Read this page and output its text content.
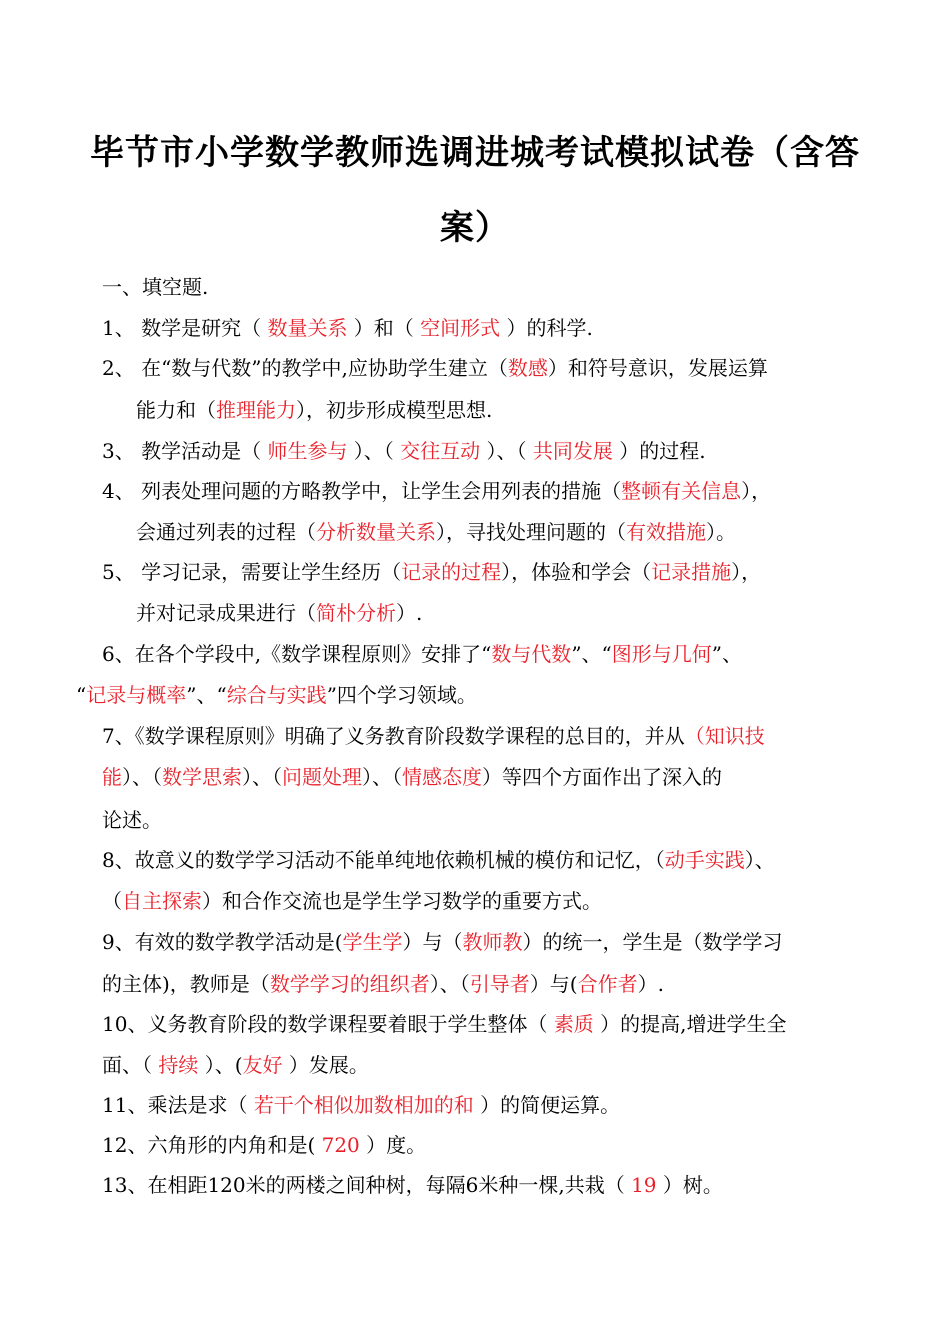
毕节市小学数学教师选调进城考试模拟试卷（含答
案）
一、填空题.
1、 数学是研究（ 数量关系 ）和（ 空间形式 ）的科学.
2、 在“数与代数”的教学中,应协助学生建立（数感）和符号意识，发展运算
能力和（推理能力），初步形成模型思想.
3、 教学活动是（ 师生参与 ）、（ 交往互动 ）、（ 共同发展 ）的过程.
4、 列表处理问题的方略教学中，让学生会用列表的措施（整顿有关信息），
会通过列表的过程（分析数量关系），寻找处理问题的（有效措施）。
5、 学习记录，需要让学生经历（记录的过程），体验和学会（记录措施），
并对记录成果进行（简朴分析）.
6、在各个学段中,《数学课程原则》安排了“数与代数”、“图形与几何”、
“记录与概率”、“综合与实践”四个学习领域。
7、《数学课程原则》明确了义务教育阶段数学课程的总目的，并从（知识技
能）、（数学思索）、（问题处理）、（情感态度）等四个方面作出了深入的
论述。
8、故意义的数学学习活动不能单纯地依赖机械的模仿和记忆，（动手实践）、
（自主探索）和合作交流也是学生学习数学的重要方式。
9、有效的数学教学活动是(学生学）与（教师教）的统一，学生是（数学学习
的主体)，教师是（数学学习的组织者）、（引导者）与(合作者）.
10、义务教育阶段的数学课程要着眼于学生整体（ 素质 ）的提高,增进学生全
面、（ 持续 ）、(友好 ）发展。
11、乘法是求（ 若干个相似加数相加的和 ）的简便运算。
12、六角形的内角和是( 720 ）度。
13、在相距120米的两楼之间种树，每隔6米种一棵,共栽（ 19 ）树。
